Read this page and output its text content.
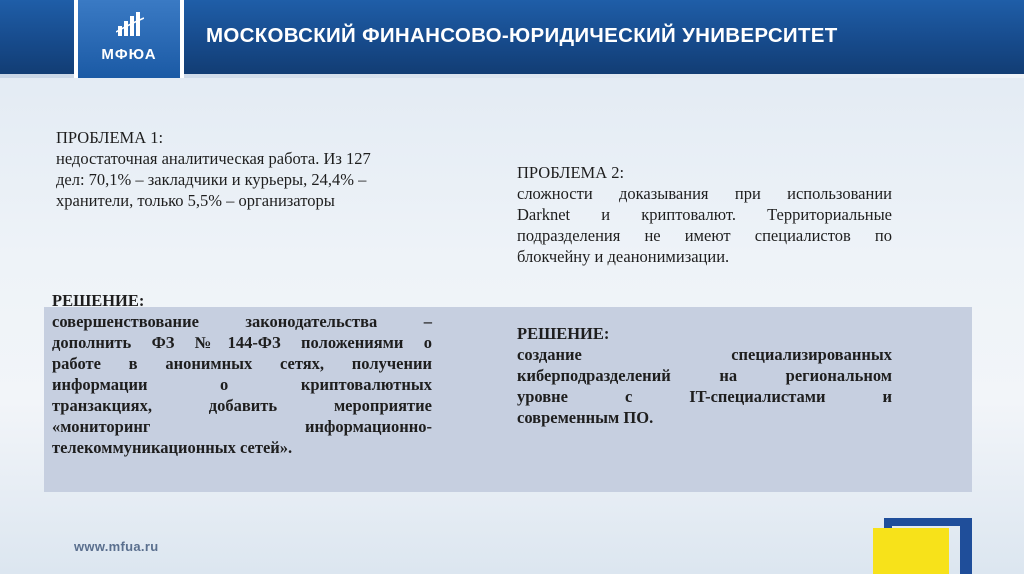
МФЮА
МОСКОВСКИЙ ФИНАНСОВО-ЮРИДИЧЕСКИЙ УНИВЕРСИТЕТ
ПРОБЛЕМА 1:
недостаточная аналитическая работа. Из 127
дел: 70,1% – закладчики и курьеры, 24,4% –
хранители, только 5,5% – организаторы
ПРОБЛЕМА 2:
сложности доказывания при использовании
Darknet и криптовалют. Территориальные
подразделения не имеют специалистов по
блокчейну и деанонимизации.
РЕШЕНИЕ:
совершенствование законодательства –
дополнить ФЗ №144-ФЗ положениями о
работе в анонимных сетях, получении
информации о криптовалютных
транзакциях, добавить мероприятие
«мониторинг информационно-
телекоммуникационных сетей».
РЕШЕНИЕ:
создание специализированных
киберподразделений на региональном
уровне с IT-специалистами и
современным ПО.
www.mfua.ru
